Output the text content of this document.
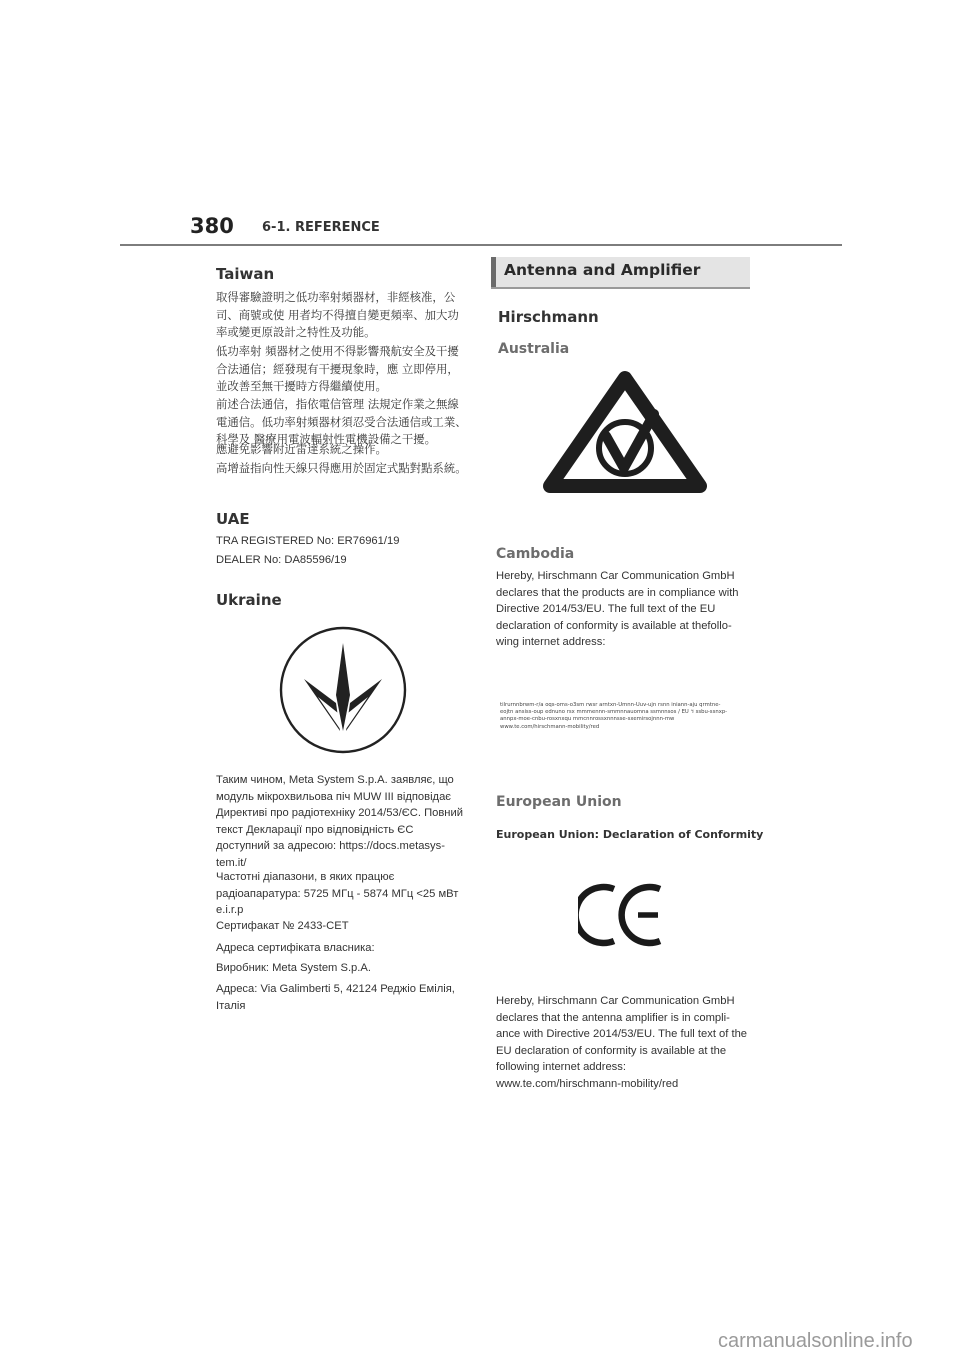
380 6-1. REFERENCE
Taiwan
取得審驗證明之低功率射頻器材，非經核准，公司、商號或使 用者均不得擅自變更頻率、加大功率或變更原設計之特性及功能。
低功率射 頻器材之使用不得影響飛航安全及干擾合法通信；經發現有干擾現象時，應 立即停用，並改善至無干擾時方得繼續使用。
前述合法通信，指依電信管理 法規定作業之無線電通信。低功率射頻器材須忍受合法通信或工業、科學及 醫療用電波輻射性電機設備之干擾。
應避免影響附近雷達系統之操作。
高增益指向性天線只得應用於固定式點對點系統。
UAE
TRA REGISTERED No: ER76961/19
DEALER No: DA85596/19
Ukraine
Таким чином, Meta System S.p.A. заявляє, що модуль мікрохвильова піч MUW III відповідає Директиві про радіотехніку 2014/53/ЄС. Повний текст Декларації про відповідність ЄС доступний за адресою: https://docs.metasys-tem.it/
Частотні діапазони, в яких працює радіоапаратура: 5725 МГц - 5874 МГц <25 мВт e.i.r.p
Сертифакат № 2433-СЕТ
Адреса сертифіката власника:
Виробник: Meta System S.p.A.
Адреса: Via Galimberti 5, 42124 Реджіо Емілія, Італія
Antenna and Amplifier
Hirschmann
Australia
Cambodia
Hereby, Hirschmann Car Communication GmbH declares that the products are in compliance with Directive 2014/53/EU. The full text of the EU declaration of conformity is available at thefollo-wing internet address:
tilrurnnbrwm-r/a oqs-oms-o3sm rwsr arntxn-Umnn-Uuv-ujn rsnn iniann-aju qrmtne-eojtn ansiss-oup ednuno rsx mmmennn-smmnnauomna ssmnnsos / EU ។ ssbu-ssnxp-annpx-moe-cnbu-rosxnxqu mmcnnrossxnnnsse-sxemirsojnnn-mw www.te.com/hirschmann-mobility/red
European Union
European Union: Declaration of Conformity
Hereby, Hirschmann Car Communication GmbH declares that the antenna amplifier is in compli-ance with Directive 2014/53/EU. The full text of the EU declaration of conformity is available at the following internet address: www.te.com/hirschmann-mobility/red
carmanualsonline.info
